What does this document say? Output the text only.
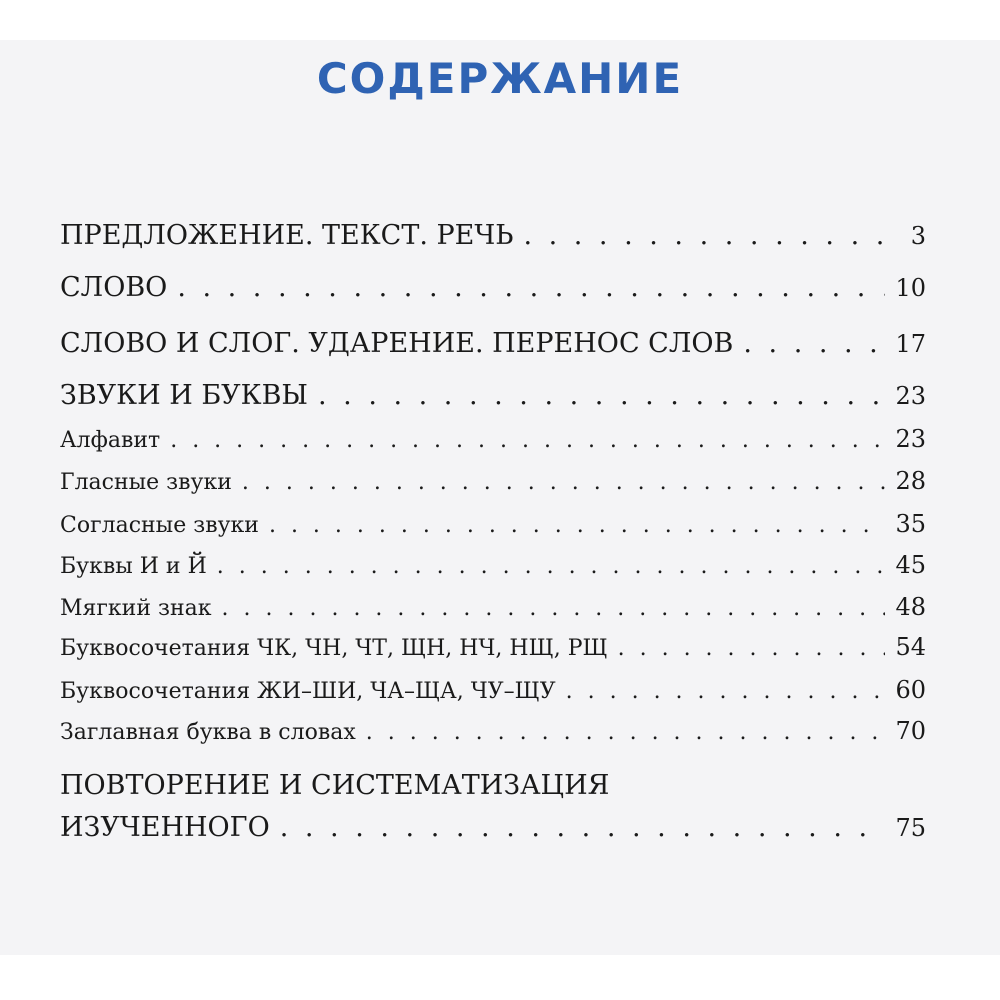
СОДЕРЖАНИЕ
ПРЕДЛОЖЕНИЕ. ТЕКСТ. РЕЧЬ . . .	3
СЛОВО . . .	10
СЛОВО И СЛОГ. УДАРЕНИЕ. ПЕРЕНОС СЛОВ . . .	17
ЗВУКИ И БУКВЫ . . .	23
Алфавит . . .	23
Гласные звуки . . .	28
Согласные звуки . . .	35
Буквы И и Й . . .	45
Мягкий знак . . .	48
Буквосочетания ЧК, ЧН, ЧТ, ЩН, НЧ, НЩ, РЩ . . .	54
Буквосочетания ЖИ–ШИ, ЧА–ЩА, ЧУ–ЩУ . . .	60
Заглавная буква в словах . . .	70
ПОВТОРЕНИЕ И СИСТЕМАТИЗАЦИЯ
ИЗУЧЕННОГО . . .	75
